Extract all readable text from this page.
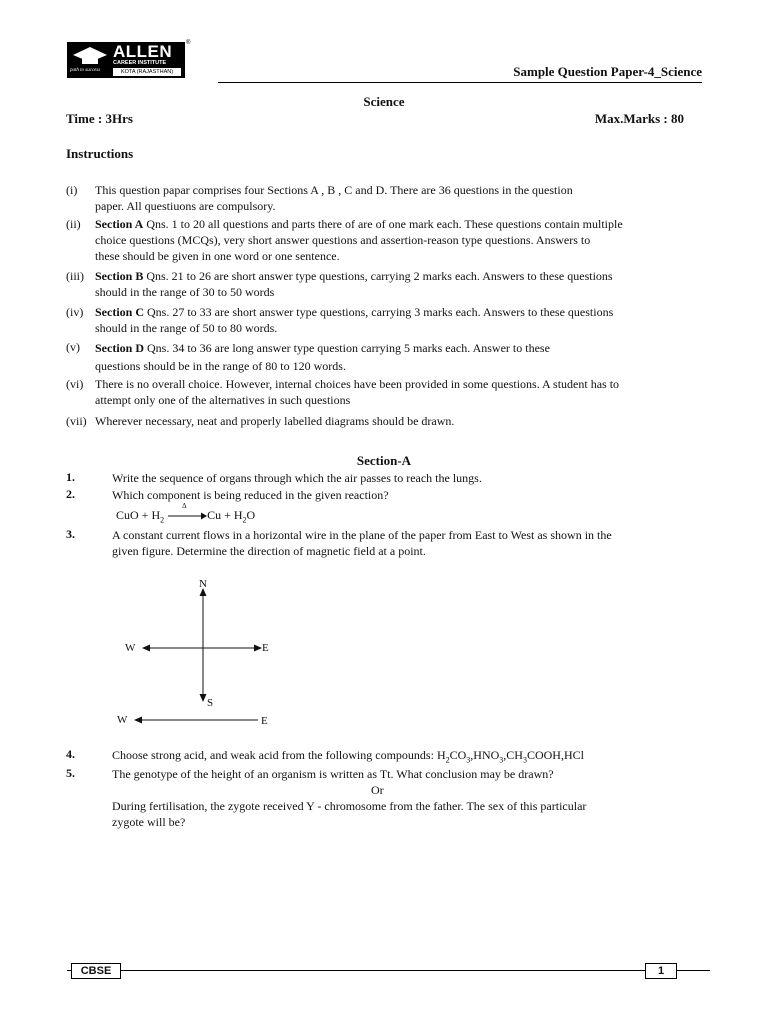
ALLEN
CAREER INSTITUTE
KOTA (RAJASTHAN)
path to success
®
Sample Question Paper-4_Science
Science
Time : 3Hrs	Max.Marks : 80
Instructions
(i) This question papar comprises four Sections A , B , C and D. There are 36 questions in the question
paper. All questiuons are compulsory.
(ii) Section A Qns. 1 to 20 all questions and parts there of are of one mark each. These questions contain multiple
choice questions (MCQs), very short answer questions and assertion-reason type questions. Answers to
these should be given in one word or one sentence.
(iii) Section B Qns. 21 to 26 are short answer type questions, carrying 2 marks each. Answers to these questions
should in the range of 30 to 50 words
(iv) Section C Qns. 27 to 33 are short answer type questions, carrying 3 marks each. Answers to these questions
should in the range of 50 to 80 words.
(v) Section D Qns. 34 to 36 are long answer type question carrying 5 marks each. Answer to these
questions should be in the range of 80 to 120 words.
(vi) There is no overall choice. However, internal choices have been provided in some questions. A student has to
attempt only one of the alternatives in such questions
(vii) Wherever necessary, neat and properly labelled diagrams should be drawn.
Section-A
1.	Write the sequence of organs through which the air passes to reach the lungs.
2.	Which component is being reduced in the given reaction?
CuO + $H_2$
Δ
$Cu + H_2O$
3.	A constant current flows in a horizontal wire in the plane of the paper from East to West as shown in the
given figure. Determine the direction of magnetic field at a point.
N
S
W	E
W	E
4.	Choose strong acid, and weak acid from the following compounds: $H_2CO_3,HNO_3,CH_3COOH,HCl$
5.	The genotype of the height of an organism is written as Tt. What conclusion may be drawn?
Or
During fertilisation, the zygote received Y - chromosome from the father. The sex of this particular
zygote will be?
CBSE	1
